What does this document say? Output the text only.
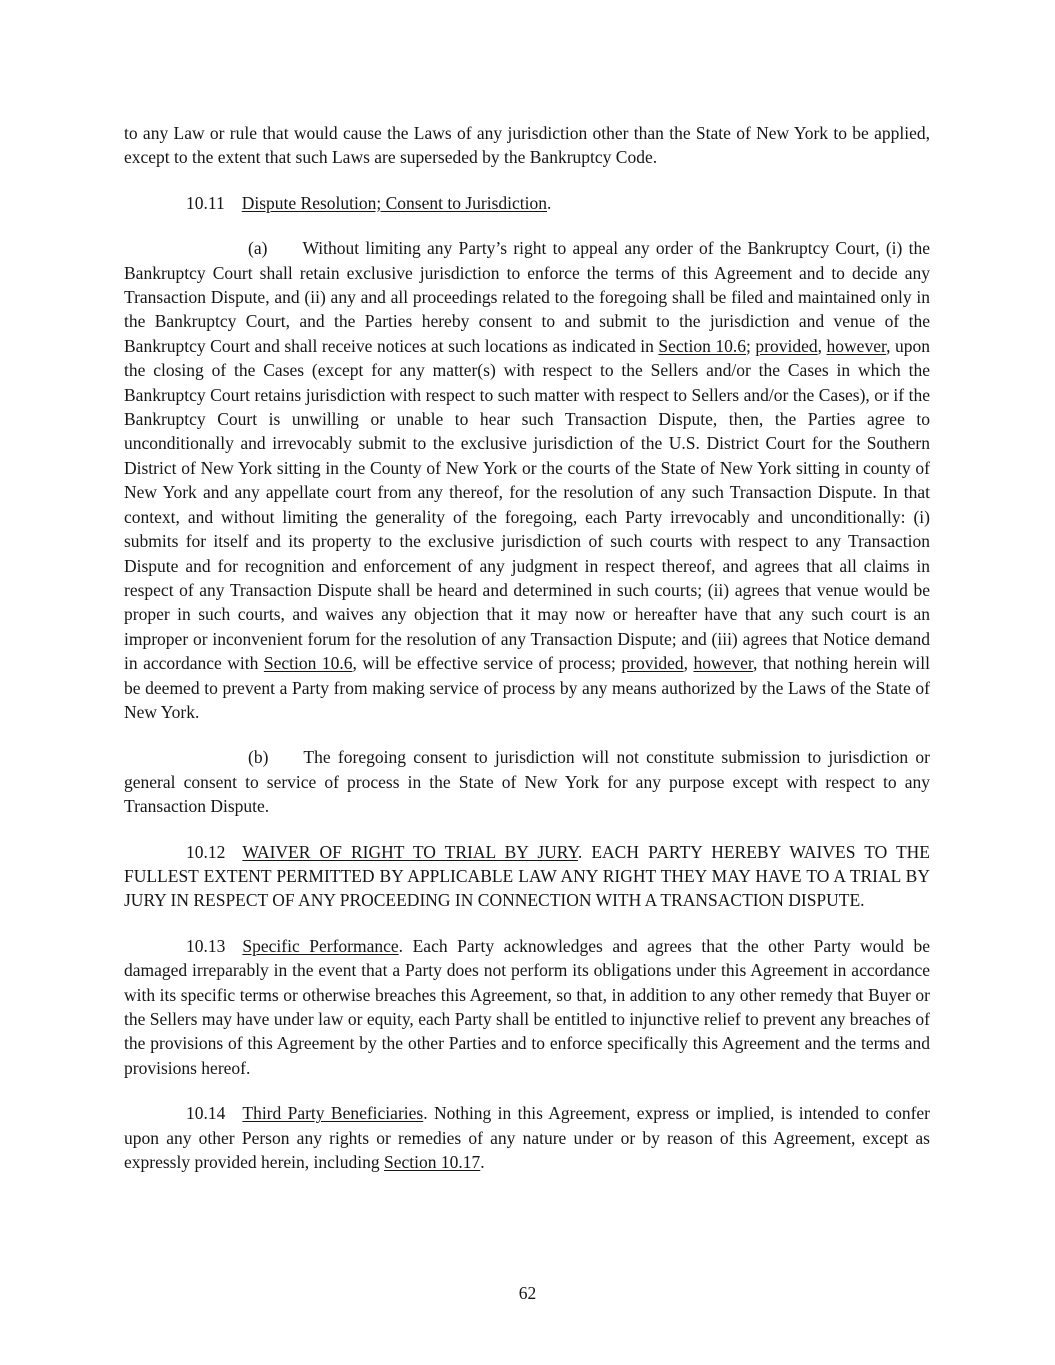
to any Law or rule that would cause the Laws of any jurisdiction other than the State of New York to be applied, except to the extent that such Laws are superseded by the Bankruptcy Code.

10.11 Dispute Resolution; Consent to Jurisdiction.

(a) Without limiting any Party’s right to appeal any order of the Bankruptcy Court, (i) the Bankruptcy Court shall retain exclusive jurisdiction to enforce the terms of this Agreement and to decide any Transaction Dispute, and (ii) any and all proceedings related to the foregoing shall be filed and maintained only in the Bankruptcy Court, and the Parties hereby consent to and submit to the jurisdiction and venue of the Bankruptcy Court and shall receive notices at such locations as indicated in Section 10.6; provided, however, upon the closing of the Cases (except for any matter(s) with respect to the Sellers and/or the Cases in which the Bankruptcy Court retains jurisdiction with respect to such matter with respect to Sellers and/or the Cases), or if the Bankruptcy Court is unwilling or unable to hear such Transaction Dispute, then, the Parties agree to unconditionally and irrevocably submit to the exclusive jurisdiction of the U.S. District Court for the Southern District of New York sitting in the County of New York or the courts of the State of New York sitting in county of New York and any appellate court from any thereof, for the resolution of any such Transaction Dispute. In that context, and without limiting the generality of the foregoing, each Party irrevocably and unconditionally: (i) submits for itself and its property to the exclusive jurisdiction of such courts with respect to any Transaction Dispute and for recognition and enforcement of any judgment in respect thereof, and agrees that all claims in respect of any Transaction Dispute shall be heard and determined in such courts; (ii) agrees that venue would be proper in such courts, and waives any objection that it may now or hereafter have that any such court is an improper or inconvenient forum for the resolution of any Transaction Dispute; and (iii) agrees that Notice demand in accordance with Section 10.6, will be effective service of process; provided, however, that nothing herein will be deemed to prevent a Party from making service of process by any means authorized by the Laws of the State of New York.

(b) The foregoing consent to jurisdiction will not constitute submission to jurisdiction or general consent to service of process in the State of New York for any purpose except with respect to any Transaction Dispute.

10.12 WAIVER OF RIGHT TO TRIAL BY JURY. EACH PARTY HEREBY WAIVES TO THE FULLEST EXTENT PERMITTED BY APPLICABLE LAW ANY RIGHT THEY MAY HAVE TO A TRIAL BY JURY IN RESPECT OF ANY PROCEEDING IN CONNECTION WITH A TRANSACTION DISPUTE.

10.13 Specific Performance. Each Party acknowledges and agrees that the other Party would be damaged irreparably in the event that a Party does not perform its obligations under this Agreement in accordance with its specific terms or otherwise breaches this Agreement, so that, in addition to any other remedy that Buyer or the Sellers may have under law or equity, each Party shall be entitled to injunctive relief to prevent any breaches of the provisions of this Agreement by the other Parties and to enforce specifically this Agreement and the terms and provisions hereof.

10.14 Third Party Beneficiaries. Nothing in this Agreement, express or implied, is intended to confer upon any other Person any rights or remedies of any nature under or by reason of this Agreement, except as expressly provided herein, including Section 10.17.

62
